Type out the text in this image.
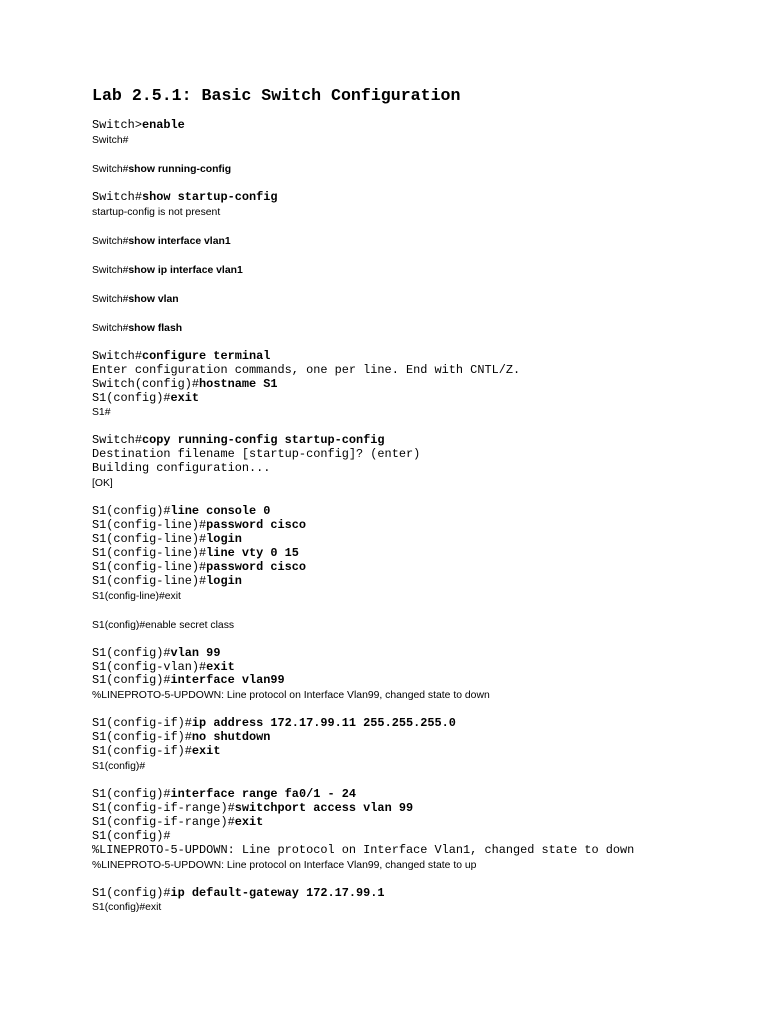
Lab 2.5.1: Basic Switch Configuration
Switch>enable
Switch#
Switch#show running-config
Switch#show startup-config
startup-config is not present
Switch#show interface vlan1
Switch#show ip interface vlan1
Switch#show vlan
Switch#show flash
Switch#configure terminal
Enter configuration commands, one per line. End with CNTL/Z.
Switch(config)#hostname S1
S1(config)#exit
S1#
Switch#copy running-config startup-config
Destination filename [startup-config]? (enter)
Building configuration...
[OK]
S1(config)#line console 0
S1(config-line)#password cisco
S1(config-line)#login
S1(config-line)#line vty 0 15
S1(config-line)#password cisco
S1(config-line)#login
S1(config-line)#exit
S1(config)#enable secret class
S1(config)#vlan 99
S1(config-vlan)#exit
S1(config)#interface vlan99
%LINEPROTO-5-UPDOWN: Line protocol on Interface Vlan99, changed state to down
S1(config-if)#ip address 172.17.99.11 255.255.255.0
S1(config-if)#no shutdown
S1(config-if)#exit
S1(config)#
S1(config)#interface range fa0/1 - 24
S1(config-if-range)#switchport access vlan 99
S1(config-if-range)#exit
S1(config)#
%LINEPROTO-5-UPDOWN: Line protocol on Interface Vlan1, changed state to down
%LINEPROTO-5-UPDOWN: Line protocol on Interface Vlan99, changed state to up
S1(config)#ip default-gateway 172.17.99.1
S1(config)#exit
